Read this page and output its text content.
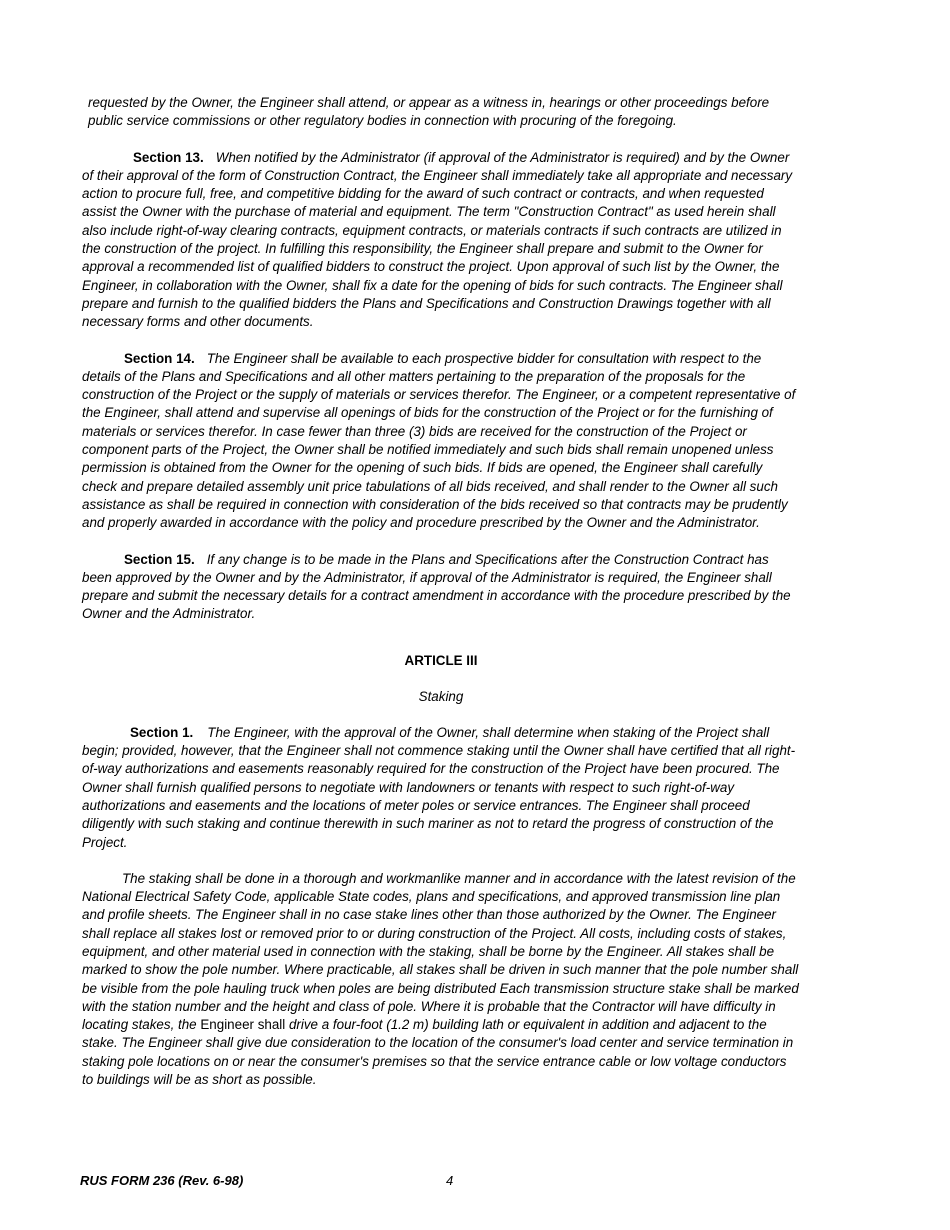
requested by the Owner, the Engineer shall attend, or appear as a witness in, hearings or other proceedings before public service commissions or other regulatory bodies in connection with procuring of the foregoing.

Section 13. When notified by the Administrator (if approval of the Administrator is required) and by the Owner of their approval of the form of Construction Contract, the Engineer shall immediately take all appropriate and necessary action to procure full, free, and competitive bidding for the award of such contract or contracts, and when requested assist the Owner with the purchase of material and equipment. The term "Construction Contract" as used herein shall also include right-of-way clearing contracts, equipment contracts, or materials contracts if such contracts are utilized in the construction of the project. In fulfilling this responsibility, the Engineer shall prepare and submit to the Owner for approval a recommended list of qualified bidders to construct the project. Upon approval of such list by the Owner, the Engineer, in collaboration with the Owner, shall fix a date for the opening of bids for such contracts. The Engineer shall prepare and furnish to the qualified bidders the Plans and Specifications and Construction Drawings together with all necessary forms and other documents.

Section 14. The Engineer shall be available to each prospective bidder for consultation with respect to the details of the Plans and Specifications and all other matters pertaining to the preparation of the proposals for the construction of the Project or the supply of materials or services therefor. The Engineer, or a competent representative of the Engineer, shall attend and supervise all openings of bids for the construction of the Project or for the furnishing of materials or services therefor. In case fewer than three (3) bids are received for the construction of the Project or component parts of the Project, the Owner shall be notified immediately and such bids shall remain unopened unless permission is obtained from the Owner for the opening of such bids. If bids are opened, the Engineer shall carefully check and prepare detailed assembly unit price tabulations of all bids received, and shall render to the Owner all such assistance as shall be required in connection with consideration of the bids received so that contracts may be prudently and properly awarded in accordance with the policy and procedure prescribed by the Owner and the Administrator.

Section 15. If any change is to be made in the Plans and Specifications after the Construction Contract has been approved by the Owner and by the Administrator, if approval of the Administrator is required, the Engineer shall prepare and submit the necessary details for a contract amendment in accordance with the procedure prescribed by the Owner and the Administrator.

ARTICLE III
Staking

Section 1. The Engineer, with the approval of the Owner, shall determine when staking of the Project shall begin; provided, however, that the Engineer shall not commence staking until the Owner shall have certified that all right-of-way authorizations and easements reasonably required for the construction of the Project have been procured. The Owner shall furnish qualified persons to negotiate with landowners or tenants with respect to such right-of-way authorizations and easements and the locations of meter poles or service entrances. The Engineer shall proceed diligently with such staking and continue therewith in such mariner as not to retard the progress of construction of the Project.

The staking shall be done in a thorough and workmanlike manner and in accordance with the latest revision of the National Electrical Safety Code, applicable State codes, plans and specifications, and approved transmission line plan and profile sheets. The Engineer shall in no case stake lines other than those authorized by the Owner. The Engineer shall replace all stakes lost or removed prior to or during construction of the Project. All costs, including costs of stakes, equipment, and other material used in connection with the staking, shall be borne by the Engineer. All stakes shall be marked to show the pole number. Where practicable, all stakes shall be driven in such manner that the pole number shall be visible from the pole hauling truck when poles are being distributed Each transmission structure stake shall be marked with the station number and the height and class of pole. Where it is probable that the Contractor will have difficulty in locating stakes, the Engineer shall drive a four-foot (1.2 m) building lath or equivalent in addition and adjacent to the stake. The Engineer shall give due consideration to the location of the consumer's load center and service termination in staking pole locations on or near the consumer's premises so that the service entrance cable or low voltage conductors to buildings will be as short as possible.

RUS FORM 236 (Rev. 6-98)	4
